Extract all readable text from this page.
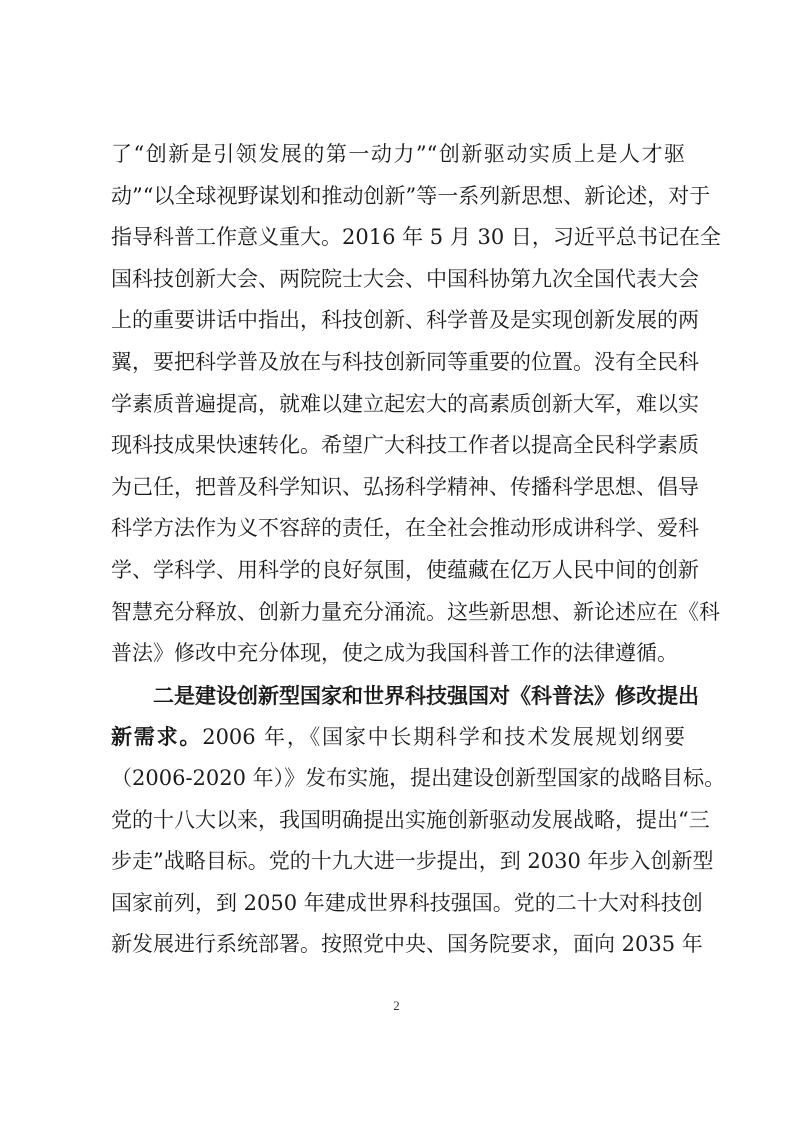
了“创新是引领发展的第一动力”“创新驱动实质上是人才驱
动”“以全球视野谋划和推动创新”等一系列新思想、新论述，对于
指导科普工作意义重大。2016 年 5 月 30 日，习近平总书记在全
国科技创新大会、两院院士大会、中国科协第九次全国代表大会
上的重要讲话中指出，科技创新、科学普及是实现创新发展的两
翼，要把科学普及放在与科技创新同等重要的位置。没有全民科
学素质普遍提高，就难以建立起宏大的高素质创新大军，难以实
现科技成果快速转化。希望广大科技工作者以提高全民科学素质
为己任，把普及科学知识、弘扬科学精神、传播科学思想、倡导
科学方法作为义不容辞的责任，在全社会推动形成讲科学、爱科
学、学科学、用科学的良好氛围，使蕴藏在亿万人民中间的创新
智慧充分释放、创新力量充分涌流。这些新思想、新论述应在《科
普法》修改中充分体现，使之成为我国科普工作的法律遵循。
二是建设创新型国家和世界科技强国对《科普法》修改提出
新需求。2006 年，《国家中长期科学和技术发展规划纲要
（2006-2020 年）》发布实施，提出建设创新型国家的战略目标。
党的十八大以来，我国明确提出实施创新驱动发展战略，提出“三
步走”战略目标。党的十九大进一步提出，到 2030 年步入创新型
国家前列，到 2050 年建成世界科技强国。党的二十大对科技创
新发展进行系统部署。按照党中央、国务院要求，面向 2035 年
2
